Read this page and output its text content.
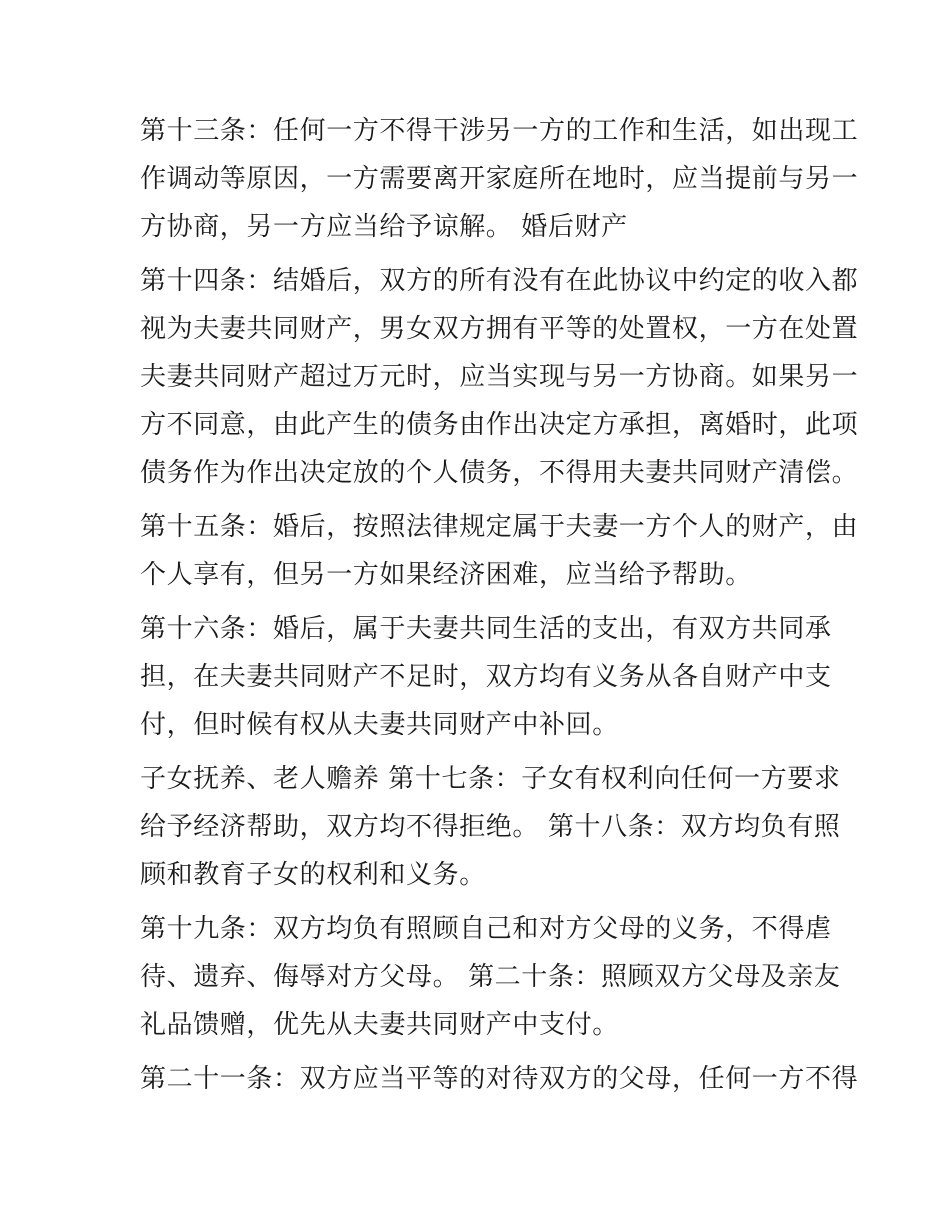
第十三条：任何一方不得干涉另一方的工作和生活，如出现工
作调动等原因，一方需要离开家庭所在地时，应当提前与另一
方协商，另一方应当给予谅解。 婚后财产
第十四条：结婚后，双方的所有没有在此协议中约定的收入都
视为夫妻共同财产，男女双方拥有平等的处置权，一方在处置
夫妻共同财产超过万元时，应当实现与另一方协商。如果另一
方不同意，由此产生的债务由作出决定方承担，离婚时，此项
债务作为作出决定放的个人债务，不得用夫妻共同财产清偿。
第十五条：婚后，按照法律规定属于夫妻一方个人的财产，由
个人享有，但另一方如果经济困难，应当给予帮助。
第十六条：婚后，属于夫妻共同生活的支出，有双方共同承
担，在夫妻共同财产不足时，双方均有义务从各自财产中支
付，但时候有权从夫妻共同财产中补回。
子女抚养、老人赡养 第十七条：子女有权利向任何一方要求
给予经济帮助，双方均不得拒绝。 第十八条：双方均负有照
顾和教育子女的权利和义务。
第十九条：双方均负有照顾自己和对方父母的义务，不得虐
待、遗弃、侮辱对方父母。 第二十条：照顾双方父母及亲友
礼品馈赠，优先从夫妻共同财产中支付。
第二十一条：双方应当平等的对待双方的父母，任何一方不得
